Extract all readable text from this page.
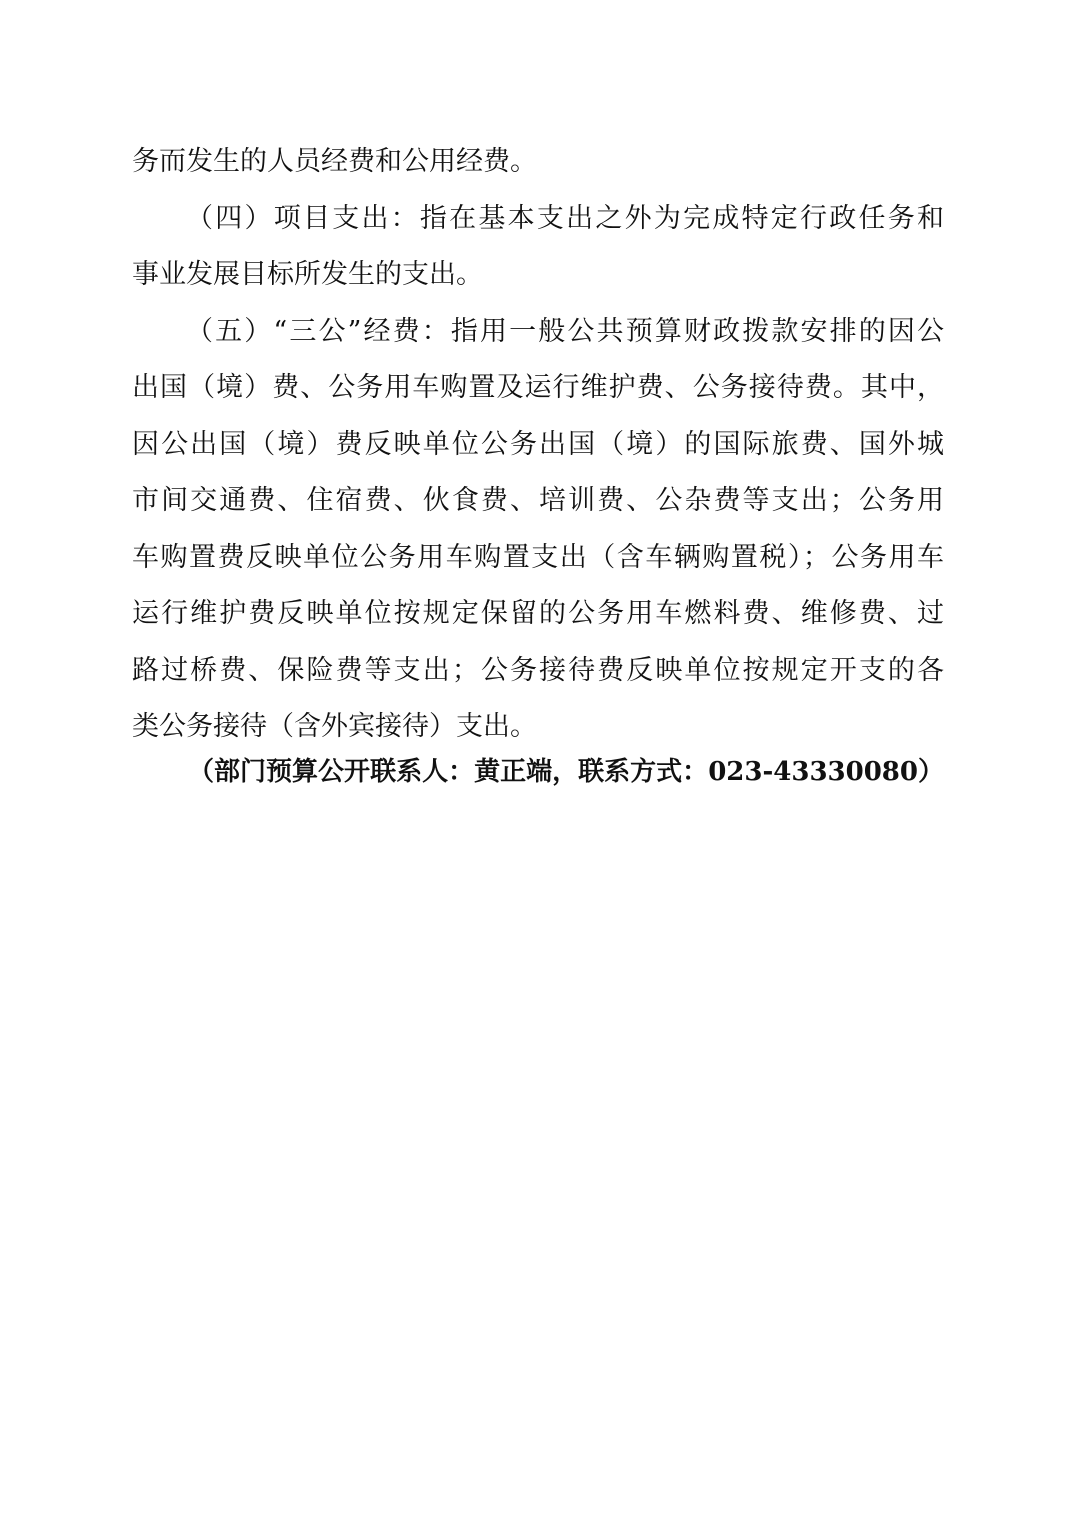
务而发生的人员经费和公用经费。
（四）项目支出：指在基本支出之外为完成特定行政任务和
事业发展目标所发生的支出。
（五）“三公”经费：指用一般公共预算财政拨款安排的因公
出国（境）费、公务用车购置及运行维护费、公务接待费。其中，
因公出国（境）费反映单位公务出国（境）的国际旅费、国外城
市间交通费、住宿费、伙食费、培训费、公杂费等支出；公务用
车购置费反映单位公务用车购置支出（含车辆购置税）；公务用车
运行维护费反映单位按规定保留的公务用车燃料费、维修费、过
路过桥费、保险费等支出；公务接待费反映单位按规定开支的各
类公务接待（含外宾接待）支出。
（部门预算公开联系人：黄正端，联系方式：023-43330080）
